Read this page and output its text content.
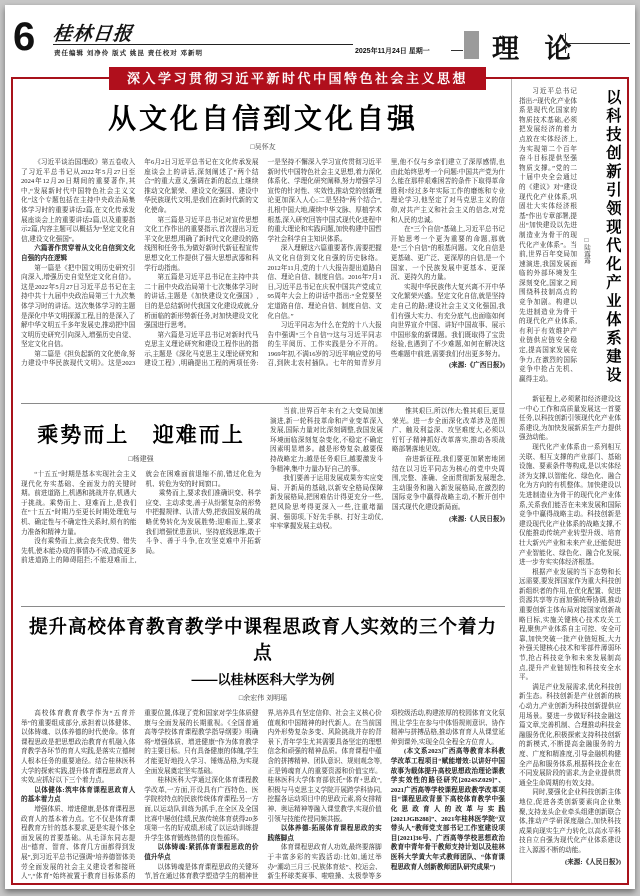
6 桂林日报
责任编辑 刘净伶 版式 姚昆 责任校对 邓新明	2025年11月24日 星期一 理 论
深入学习贯彻习近平新时代中国特色社会主义思想
从文化自信到文化自强
□吴怀友

《习近平谈治国理政》第五卷收入了习近平总书记从2022年5月27日至2024年12月20日期间的重要著作,其中,“发展新时代中国特色社会主义文化”这个专题包括在主持中央政治局集体学习时的重要讲话2篇,在文化传承发展座谈会上的重要讲话2篇,以及重要指示2篇,内容主题可以概括为“坚定文化自信,建设文化强国”。

六篇著作贯穿着从文化自信到文化自强的内在逻辑

第一篇是《把中国文明历史研究引向深入,增强历史自觉坚定文化自信》。这是2022年5月27日习近平总书记在主持中共十九届中央政治局第三十九次集体学习时的讲话。这次集体学习的主题是深化中华文明探源工程,目的是深入了解中华文明五千多年发展史,推动把中国文明历史研究引向深入,增强历史自觉、坚定文化自信。

第二篇是《担负起新的文化使命,努力建设中华民族现代文明》。这是2023年6月2日习近平总书记在文化传承发展座谈会上的讲话,深刻阐述了“两个结合”的重大意义,强调在新的起点上继续推动文化繁荣、建设文化强国、建设中华民族现代文明,是我们在新时代新的文化使命。

第三篇是习近平总书记对宣传思想文化工作作出的重要指示,首次提出习近平文化思想,明确了新时代文化建设的路线图和任务书,为做好新时代新征程宣传思想文化工作提供了强大思想武器和科学行动指南。

第五篇是习近平总书记在主持中共二十届中央政治局第十七次集体学习时的讲话,主题是《加快建设文化强国》,目的是总结新时代我国文化建设成就,分析面临的新形势新任务,对加快建设文化强国进行思考。

第六篇是习近平总书记对新时代马克思主义理论研究和建设工程作出的指示,主题是《深化马克思主义理论研究和建设工程》,明确提出工程的两项任务:一是坚持不懈深入学习宣传贯彻习近平新时代中国特色社会主义思想,着力深化体系化、学理化研究阐释,努力增强学习宣传的针对性、实效性,推动党的创新理论更加深入人心;二是坚持“两个结合”,扎根中国大地,赓续中华文脉、厚植学术根基,深入研究回答中国式现代化进程中的重大理论和实践问题,加快构建中国哲学社会科学自主知识体系。

深入理解这六篇重要著作,需要把握从文化自信到文化自强的历史脉络。2012年11月,党的十八大报告提出道路自信、理论自信、制度自信。2016年7月1日,习近平总书记在庆祝中国共产党成立95周年大会上的讲话中指出:“全党要坚定道路自信、理论自信、制度自信、文化自信。”

习近平同志为什么在党的十八大报告中强调“三个自信”?这与习近平同志的生平阅历、工作实践是分不开的。1969年初,不满16岁的习近平响应党的号召,到陕北农村插队。七年的知青岁月里,他不仅与乡亲们建立了深厚感情,也由此始终思考一个问题:中国共产党为什么能在那样艰难困苦的条件下取得革命胜利?经过多年实际工作的磨炼和专业理论学习,他坚定了对马克思主义的信仰,对共产主义和社会主义的信念,对党和人民的忠诚。

在“三个自信”基础上,习近平总书记开始思考一个更为重要的命题,那就是“三个自信”的根基问题。文化自信是更基础、更广泛、更深厚的自信,是一个国家、一个民族发展中更基本、更深沉、更持久的力量。

实现中华民族伟大复兴离不开中华文化繁荣兴盛。坚定文化自信,就是坚持走自己的路;建设社会主义文化强国,我们有强大实力、有充分底气,也面临如何向世界宣介中国、讲好中国故事、展示中国形象的新课题。我们既取得了宝贵经验,也遇到了不少难题,如何在解决这些难题中前进,需要我们付出更多努力。

(来源:《广西日报》)

乘势而上   迎难而上
□杨建强

“十五五”时期是基本实现社会主义现代化夯实基础、全面发力的关键时期。前进道路上,机遇和挑战并存,机遇大于挑战。乘势而上、迎难而上,是我们在“十五五”时期乃至更长时期处理危与机、确定性与不确定性关系时,须有的能力准备和精神力量。

没有乘势而上,就会丧失优势、错失先机,使本能办成的事情办不成,造成更多前进道路上的障碍阻拦;不能迎难而上,就会在困难面前退缩不前,错过化危为机、转危为安的时间窗口。

乘势而上,要求我们准确识变、科学应变、主动求变,善于从纷繁复杂的形势中把握规律、认清大势,把我国发展的战略优势转化为发展胜势;迎难而上,要求我们增强忧患意识、坚持底线思维,敢于斗争、善于斗争,在攻坚克难中开拓新局。

当前,世界百年未有之大变局加速演进,新一轮科技革命和产业变革深入发展,国际力量对比深刻调整,我国发展环境面临深刻复杂变化,不稳定不确定因素明显增多。越是形势复杂,越要保持战略定力;越是任务艰巨,越要激发斗争精神,集中力量办好自己的事。

我们要善于运用发展成果夯实应变局、开新局的基础,以新安全格局保障新发展格局,把困难估计得更充分一些,把风险思考得更深入一些,注重堵漏洞、强弱项,下好先手棋、打好主动仗,牢牢掌握发展主动权。

惟其艰巨,所以伟大;惟其艰巨,更显荣光。进一步全面深化改革涉及范围广、触及利益深、攻坚难度大,必须以钉钉子精神抓好改革落实,推动各项战略部署落地见效。

奋进新征程,我们要更加紧密地团结在以习近平同志为核心的党中央周围,完整、准确、全面贯彻新发展理念,主动服务和融入新发展格局,在激烈的国际竞争中赢得战略主动,不断开创中国式现代化建设新局面。

(来源:《人民日报》)

提升高校体育教育教学中课程思政育人实效的三个着力点
——以桂林医科大学为例
□余宏伟 刘明瑶

高校体育教育教学作为“五育并举”的重要组成部分,承担着以体健体、以体铸魂、以体养德的时代使命。体育课程思政是把思想政治教育有机融入体育教学各环节的育人实践,是落实立德树人根本任务的重要途径。结合桂林医科大学的探索实践,提升体育课程思政育人实效,应抓好以下三个着力点。

以体健体:筑牢体育课程思政育人的基本着力点

增强体质、增进健康,是体育课程思政育人的基本着力点。它不仅是体育课程教育方针的基本要求,更是实现个体全面发展的首要基础。从毛泽东同志提出“德育、智育、体育几方面都得到发展”,到习近平总书记强调“培养德智体美劳全面发展的社会主义建设者和接班人”,“体育”始终被置于教育目标体系的重要位置,体现了党和国家对学生体质健康与全面发展的长期重视。《全国普通高等学校体育课程教学指导纲要》明确将“增强体质、增进健康”作为体育教学的主要目标。只有具备健康的体魄,学生才能更好地投入学习、锤炼品格,为实现全面发展奠定坚实基础。

桂林医科大学通过深化体育课程教学改革,一方面,开设具有广西特色、医学院校特点的民族传统体育课程;另一方面,以运动队训练为抓手,在全区及全国比赛中屡创佳绩,民族传统体育获得20多项第一名的好成绩,形成了以运动训练提升学生体育锻炼热情的良性循环。

以体铸魂:紧抓体育课程思政的价值升华点

以体铸魂是体育课程思政的关键环节,旨在通过体育教学塑造学生的精神世界,培养具有坚定信仰、社会主义核心价值观和中国精神的时代新人。在当前国内外形势复杂多变、风险挑战并存的背景下,青年学生尤其需要具备坚定的理想信念和顽强的精神品质。体育课程中蕴含的拼搏精神、团队意识、规则观念等,正是铸魂育人的重要资源和价值宝库。桂林医科大学体育部依托“体育+思政”,积极与马克思主义学院开展跨学科协同,挖掘各运动项目中的思政元素,将女排精神、奥运精神等融入课堂教学,实现价值引领与技能传授同频共振。

以体养德:拓展体育课程思政的实践落脚点

体育课程思政育人功效,最终要落脚于丰富多彩的实践活动:比如,通过举办“潮动三月三·民族体育炫”、校运会、新生杯球类赛事、啦啦操、太极拳等多项校级活动,构建浓厚的校园体育文化氛围,让学生在参与中体悟规则意识、协作精神与拼搏品格,推动体育育人从课堂延伸到课外,实现全员全程全方位育人。

(本文系2023广西高等教育本科教学改革工程项目“赋能增效:以讲好中国故事为载体提升高校思想政治理论课教学实效性的路径研究[2024SZ029]”、2021广西高等学校课程思政教学改革项目“课程思政背景下高校体育教学中强化思政育人的改革与实践[2021JGB288]”、2021年桂林医学院“双带头人”教师党支部书记工作室建设项目[2021]36号、广西高等学校思想政治教育中青年骨干教师支持计划以及桂林医科大学黄大年式教师团队、“体育课程思政育人创新教师团队研究成果”)

习近平总书记指出:“现代化产业体系是现代化国家的物质技术基础,必须把发展经济的着力点放在实体经济上,为实现第二个百年奋斗目标提供坚强物质支撑。”党的二十届中央全会通过的《建议》对“建设现代化产业体系,巩固壮大实体经济根基”作出专章部署,提出“加快建设以先进制造业为骨干的现代化产业体系”。当前,世界百年变局加速演进,我国发展面临的外部环境发生深刻变化,国家之间围绕科技制高点的竞争加剧。构建以先进制造业为骨干的现代化产业体系,有利于有效维护产业链供应链安全稳定,提高国家发展竞争力,在激烈的国际竞争中抢占先机、赢得主动。

□陆露露 以科技创新引领现代化产业体系建设

新征程上,必须紧扣经济建设这一中心工作和高质量发展这一首要任务,以科技创新引领现代化产业体系建设,为加快发展新质生产力提供强劲动能。

现代化产业体系由一系列相互关联、相互支撑的产业部门、基础设施、要素条件等构成,是以实体经济为支撑,以智能化、绿色化、融合化为方向的有机整体。加快建设以先进制造业为骨干的现代化产业体系,关系我们能否在未来发展和国际竞争中赢得战略主动。科技创新是建设现代化产业体系的战略支撑,不仅能推动传统产业转型升级、培育壮大新兴产业和未来产业,还能促进产业智能化、绿色化、融合化发展,进一步夯实实体经济根基。

根据产业发展的当下态势和长远需要,要发挥国家作为重大科技创新组织者的作用,在优化配置、促进资源共享等方面加强统筹协调,推动重要创新主体布局对接国家创新战略目标,实施关键核心技术攻关工程,聚焦产业体系自主可控、安全可靠,加快突破一批产业链短板,大力补强关键核心技术和零部件薄弱环节,抢占科技竞争和未来发展制高点,提升产业链韧性和科技安全水平。

满足产业发展需求,优化科技创新生态。科技创新是产业创新的核心动力,产业创新为科技创新提供应用场景。要进一步做好科技金融这篇文章,完善机制、合理推动科技金融服务优化,积极探索支持科技创新的新模式,不断提高金融服务的力度、广度和精准度,引导金融机构健全产品和服务体系,根据科技企业在不同发展阶段的需求,为企业提供贯通全生命周期的有效支持。

同时,要强化企业科技创新主体地位,促进各类创新要素向企业集聚,支持龙头企业牵头组建创新联合体,推动产学研深度融合,加快科技成果向现实生产力转化,以高水平科技自立自强为现代化产业体系建设注入源源不断的动能。

(来源:《人民日报》)
